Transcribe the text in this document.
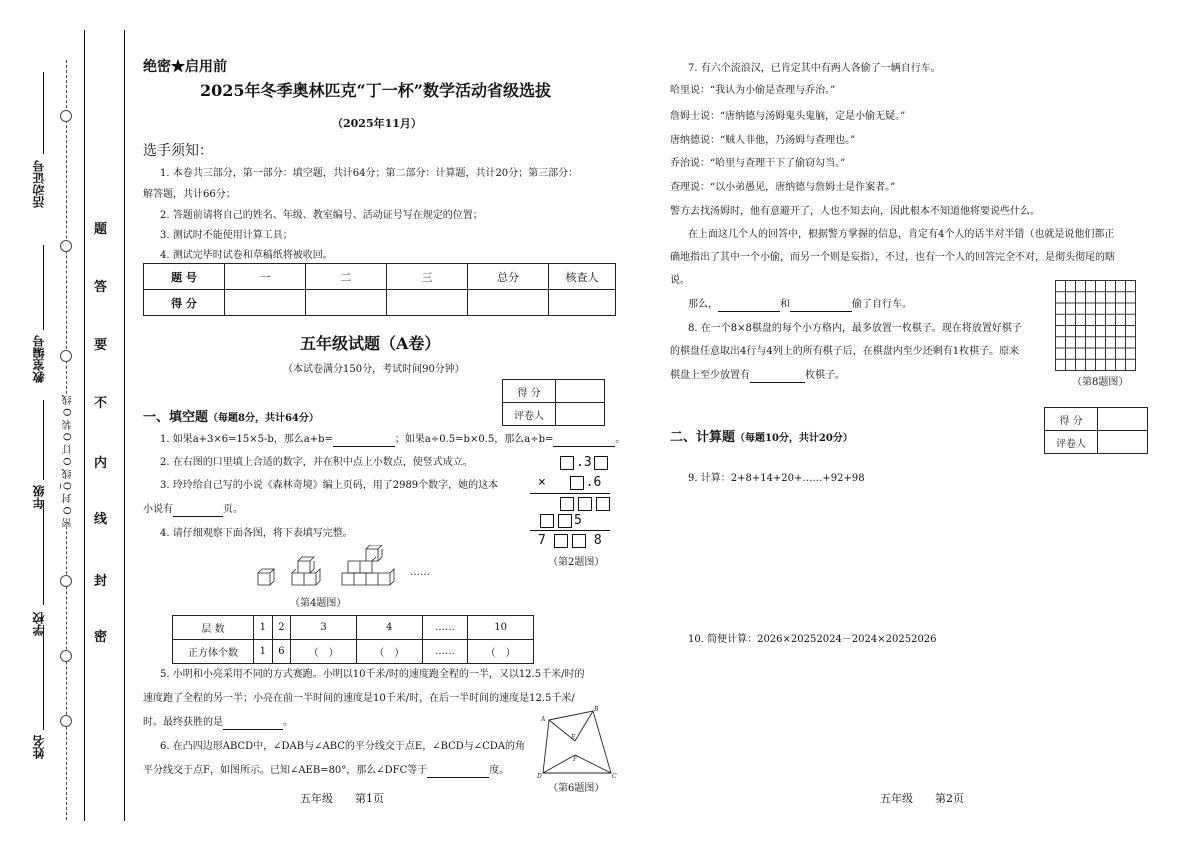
密 O 封 O 线 O 订 O 装 O 线
姓名
学校
年级
教室编号
活动证号
密
封
线
内
不
要
答
题
绝密★启用前
2025年冬季奥林匹克“丁一杯”数学活动省级选拔
（2025年11月）
选手须知：
1. 本卷共三部分，第一部分：填空题，共计64分；第二部分：计算题，共计20分；第三部分：
解答题，共计66分；
2. 答题前请将自己的姓名、年级、教室编号、活动证号写在规定的位置；
3. 测试时不能使用计算工具；
4. 测试完毕时试卷和草稿纸将被收回。
题 号	一	二	三	总分	核查人
得 分					
五年级试题（A卷）
（本试卷满分150分，考试时间90分钟）
得 分	
评卷人	
一、填空题（每题8分，共计64分）
1. 如果a+3×6=15×5-b，那么a+b=	；如果a÷0.5=b×0.5，那么a÷b=	。
2. 在右图的口里填上合适的数字，并在积中点上小数点，使竖式成立。
3. 玲玲给自己写的小说《森林奇境》编上页码，用了2989个数字，她的这本
小说有	页。
4. 请仔细观察下面各图，将下表填写完整。
.3
×	.6
5
7	8
（第2题图）
……
（第4题图）
层 数	1	2	3	4	……	10
正方体个数	1	6	（　）	（　）	……	（　）
5. 小明和小亮采用不同的方式赛跑。小明以10千米/时的速度跑全程的一半，又以12.5千米/时的
速度跑了全程的另一半；小亮在前一半时间的速度是10千米/时，在后一半时间的速度是12.5千米/
时。最终获胜的是	。
6. 在凸四边形ABCD中，∠DAB与∠ABC的平分线交于点E，∠BCD与∠CDA的角
平分线交于点F，如图所示。已知∠AEB=80°，那么∠DFC等于	度。
A
B
C
D
E
F
（第6题图）
五年级　　第1页
7. 有六个流浪汉，已肯定其中有两人各偷了一辆自行车。
哈里说：“我认为小偷是查理与乔治。”
詹姆士说：“唐纳德与汤姆鬼头鬼脑，定是小偷无疑。”
唐纳德说：“贼人非他，乃汤姆与查理也。”
乔治说：“哈里与查理干下了偷窃勾当。”
查理说：“以小弟愚见，唐纳德与詹姆士是作案者。”
警方去找汤姆时，他有意避开了，人也不知去向，因此根本不知道他将要说些什么。
在上面这几个人的回答中，根据警方掌握的信息，肯定有4个人的话半对半错（也就是说他们都正
确地指出了其中一个小偷，而另一个则是妄指），不过，也有一个人的回答完全不对，是彻头彻尾的瞎
说。
那么，	和	偷了自行车。
8. 在一个8×8棋盘的每个小方格内，最多放置一枚棋子。现在将放置好棋子
的棋盘任意取出4行与4列上的所有棋子后，在棋盘内至少还剩有1枚棋子。原来
棋盘上至少放置有	枚棋子。
（第8题图）
得 分	
评卷人	
二、计算题（每题10分，共计20分）
9. 计算：2+8+14+20+……+92+98
10. 简便计算：2026×20252024－2024×20252026
五年级　　第2页
